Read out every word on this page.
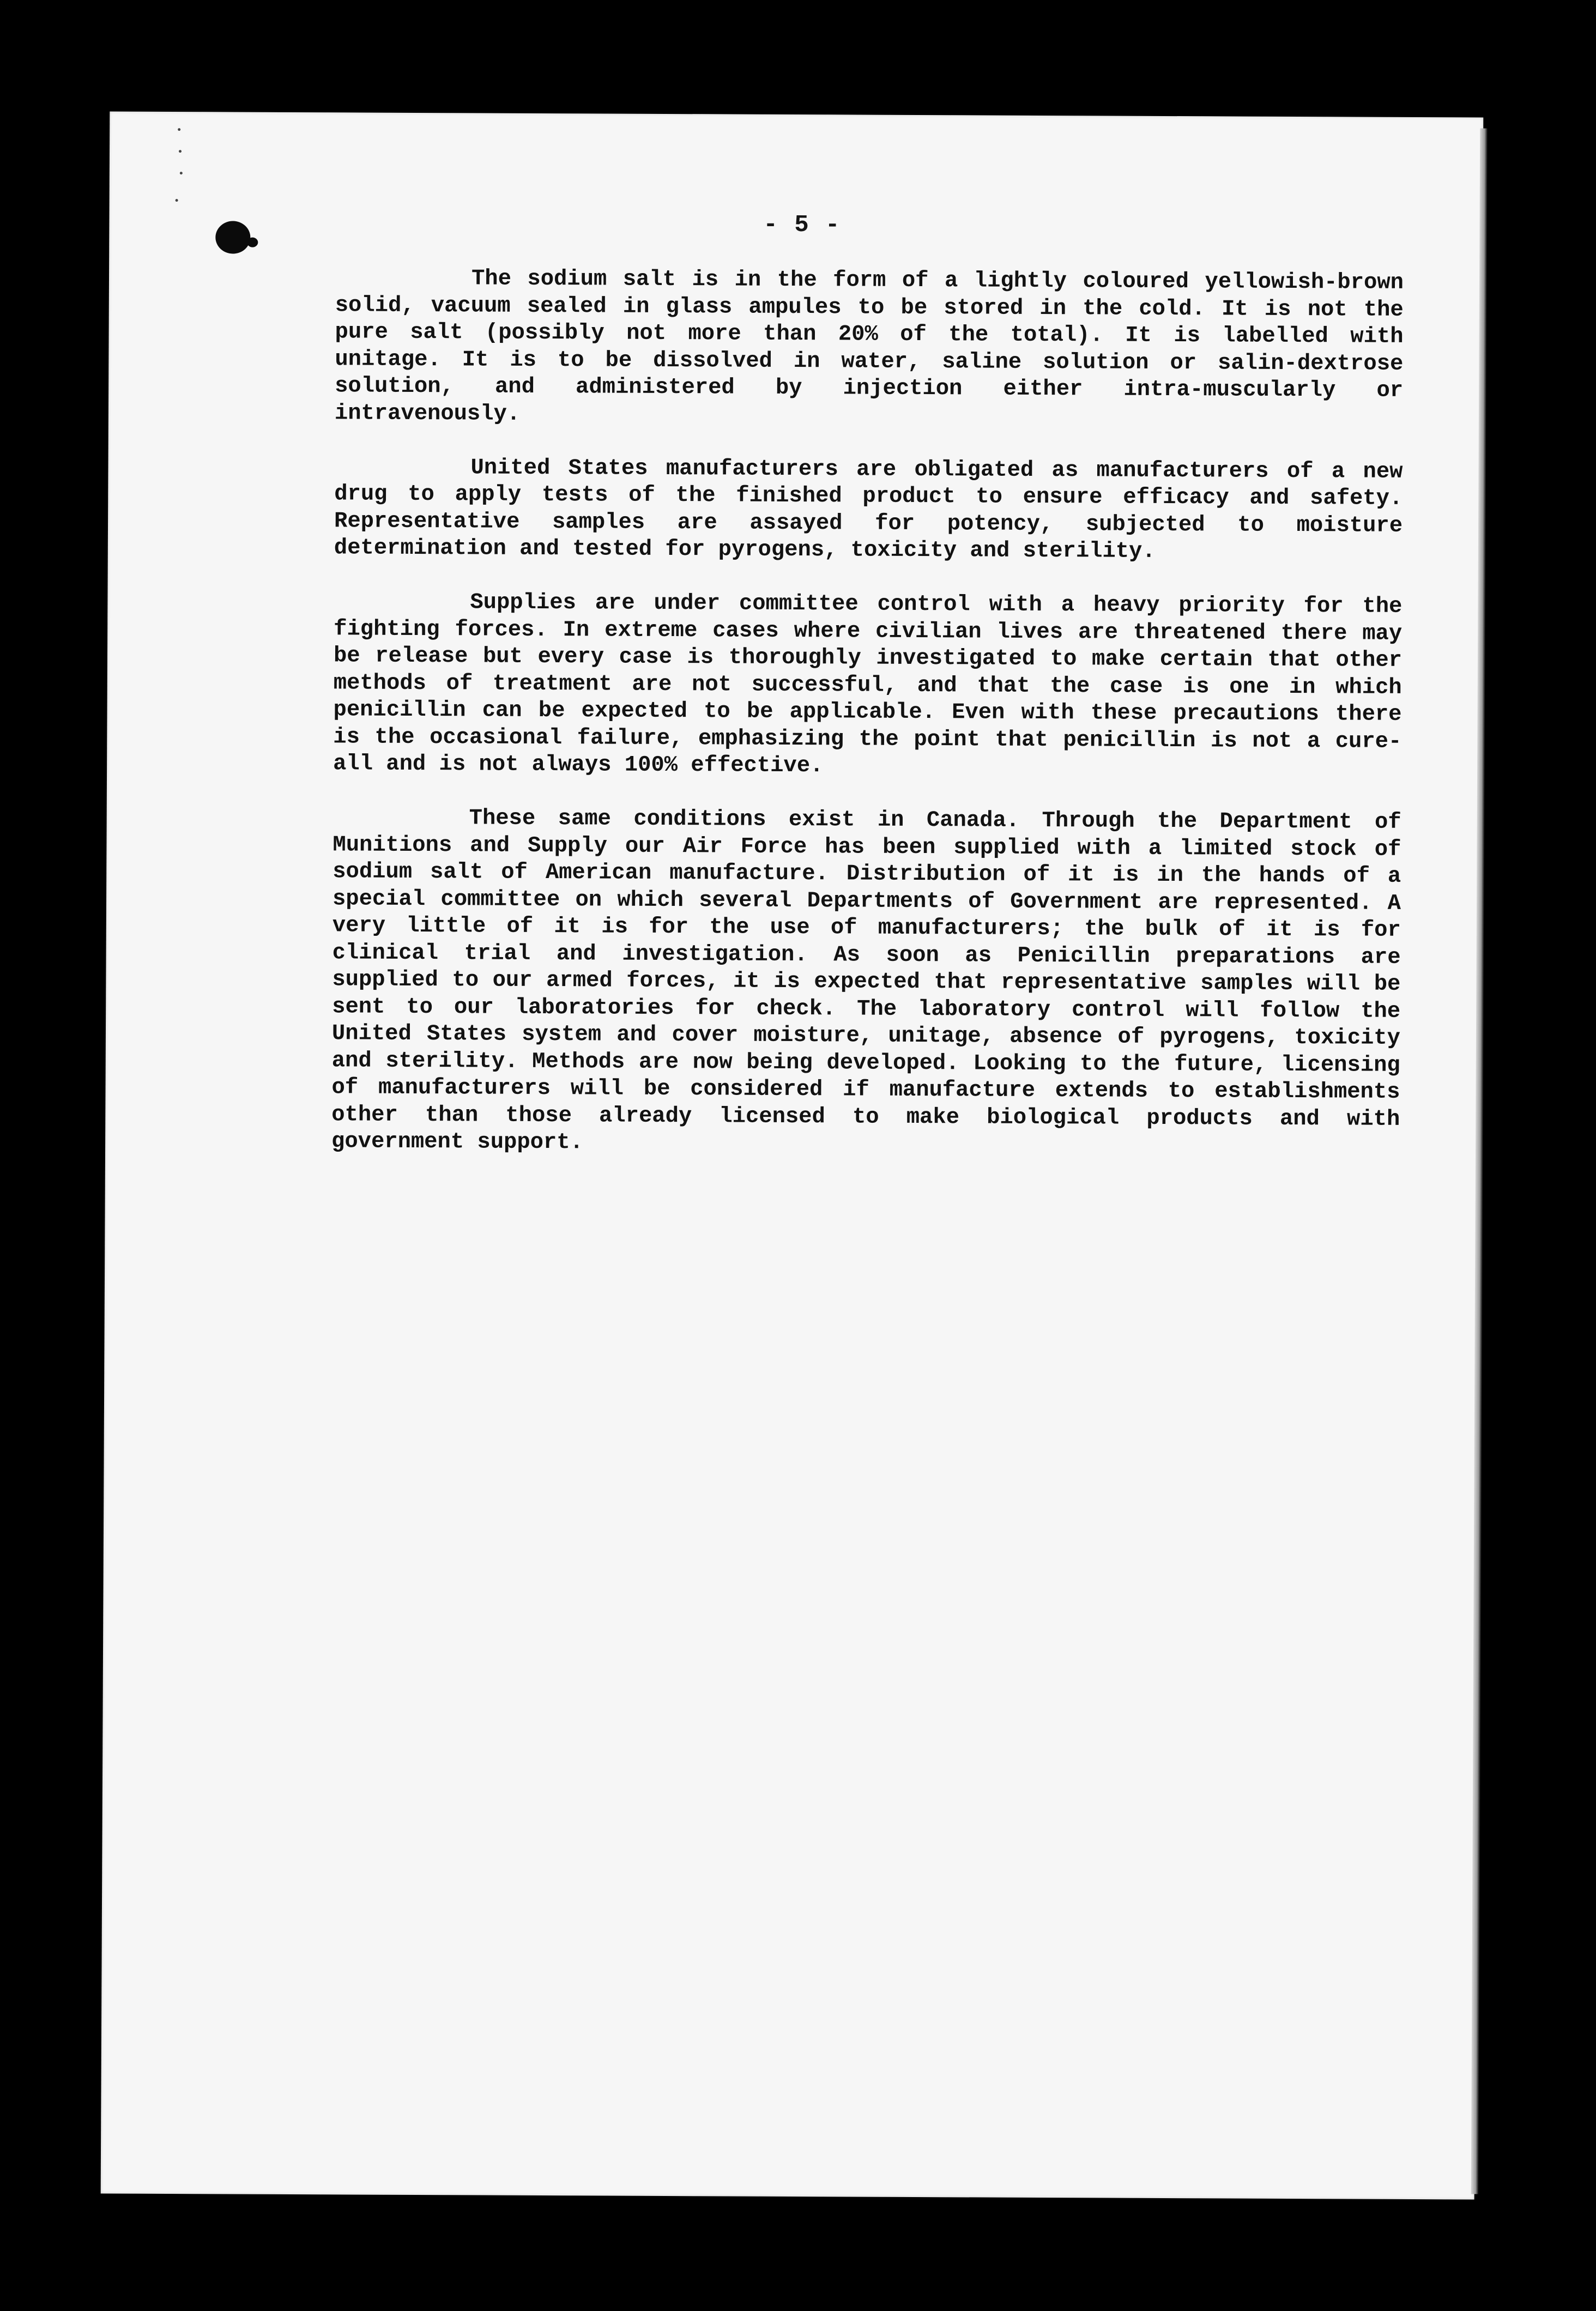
- 5 -

The sodium salt is in the form of a lightly coloured yellowish-brown solid, vacuum sealed in glass ampules to be stored in the cold. It is not the pure salt (possibly not more than 20% of the total). It is labelled with unitage. It is to be dissolved in water, saline solution or salin-dextrose solution, and administered by injection either intra-muscularly or intravenously.

United States manufacturers are obligated as manufacturers of a new drug to apply tests of the finished product to ensure efficacy and safety. Representative samples are assayed for potency, subjected to moisture determination and tested for pyrogens, toxicity and sterility.

Supplies are under committee control with a heavy priority for the fighting forces. In extreme cases where civilian lives are threatened there may be release but every case is thoroughly investigated to make certain that other methods of treatment are not successful, and that the case is one in which penicillin can be expected to be applicable. Even with these precautions there is the occasional failure, emphasizing the point that penicillin is not a cure-all and is not always 100% effective.

These same conditions exist in Canada. Through the Department of Munitions and Supply our Air Force has been supplied with a limited stock of sodium salt of American manufacture. Distribution of it is in the hands of a special committee on which several Departments of Government are represented. A very little of it is for the use of manufacturers; the bulk of it is for clinical trial and investigation. As soon as Penicillin preparations are supplied to our armed forces, it is expected that representative samples will be sent to our laboratories for check. The laboratory control will follow the United States system and cover moisture, unitage, absence of pyrogens, toxicity and sterility. Methods are now being developed. Looking to the future, licensing of manufacturers will be considered if manufacture extends to establishments other than those already licensed to make biological products and with government support.
